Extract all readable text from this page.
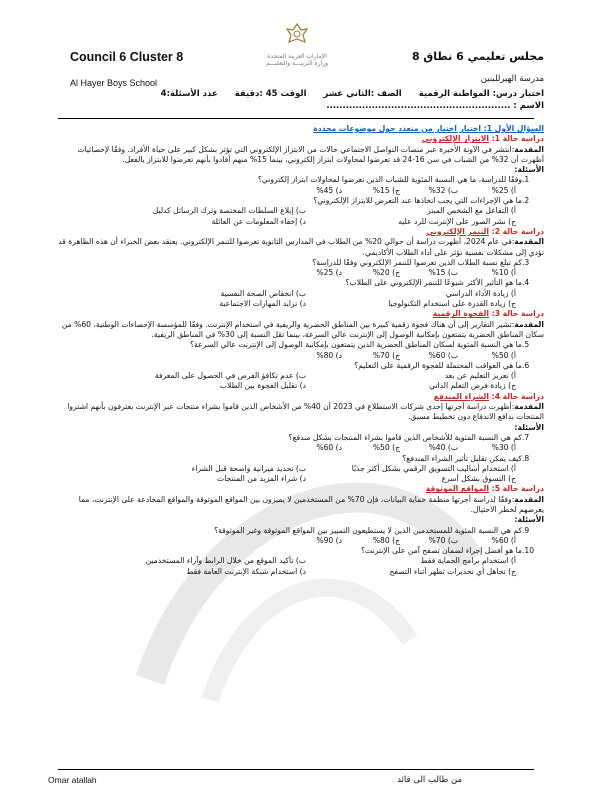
Council 6 Cluster 8
Al Hayer Boys School
الإمارات العربية المتحدة
وزارة التربيـــة والتعليـــم
مجلس تعليمي 6 نطاق 8
مدرسة الهيرللبنين
اختبار درس: المواطنة الرقمية الصف :الثاني عشر الوقت 45 :دقيقة عدد الأسئلة:4
الاسم : .........................................................
السؤال الأول 1: اختيار اختيار من متعدد حول موضوعات محددة
دراسة حالة 1: الابتزاز الإلكتروني
المقدمة:انتشر في الآونة الأخيرة عبر منصات التواصل الاجتماعي حالات من الابتزاز الإلكتروني التي تؤثر بشكل كبير على حياة الأفراد. وفقًا لإحصائيات أظهرت أن 32% من الشباب في سن 16-24 قد تعرضوا لمحاولات ابتزاز إلكتروني، بينما 15% منهم أفادوا بأنهم تعرضوا للابتزاز بالفعل.
الأسئلة:
1.
وفقًا للدراسة، ما هي النسبة المئوية للشباب الذين تعرضوا لمحاولات ابتزاز إلكتروني؟
أ) 25%
ب) 32%
ج) 15%
د) 45%
2.
ما هي الإجراءات التي يجب اتخاذها عند التعرض للابتزاز الإلكتروني؟
أ) التفاعل مع الشخص المبتز
ب) إبلاغ السلطات المختصة وترك الرسائل كدليل
ج) نشر الصور على الإنترنت للرد عليه
د) إخفاء المعلومات عن العائلة
دراسة حالة 2: التنمر الإلكتروني
المقدمة:في عام 2024، أظهرت دراسة أن حوالي 20% من الطلاب في المدارس الثانوية تعرضوا للتنمر الإلكتروني. يعتقد بعض الخبراء أن هذه الظاهرة قد تؤدي إلى مشكلات نفسية تؤثر على أداء الطلاب الأكاديمي.
3.
كم تبلغ نسبة الطلاب الذين تعرضوا للتنمر الإلكتروني وفقًا للدراسة؟
أ) 10%
ب) 15%
ج) 20%
د) 25%
4.
ما هو التأثير الأكثر شيوعًا للتنمر الإلكتروني على الطلاب؟
أ) زيادة الأداء الدراسي
ب) انخفاض الصحة النفسية
ج) زيادة القدرة على استخدام التكنولوجيا
د) تزايد المهارات الاجتماعية
دراسة حالة 3: الفجوة الرقمية
المقدمة:تشير التقارير إلى أن هناك فجوة رقمية كبيرة بين المناطق الحضرية والريفية في استخدام الإنترنت. وفقًا للمؤسسة الإحصاءات الوطنية، 60% من سكان المناطق الحضرية يتمتعون بإمكانية الوصول إلى الإنترنت عالي السرعة، بينما تقل النسبة إلى 30% في المناطق الريفية.
5.
ما هي النسبة المئوية لسكان المناطق الحضرية الذين يتمتعون بإمكانية الوصول إلى الإنترنت عالي السرعة؟
أ) 50%
ب) 60%
ج) 70%
د) 80%
6.
ما هي العواقب المحتملة للفجوة الرقمية على التعليم؟
أ) تعزيز التعليم عن بعد
ب) عدم تكافؤ الفرص في الحصول على المعرفة
ج) زيادة فرص التعلم الذاتي
د) تقليل الفجوة بين الطلاب
دراسة حالة 4: الشراء المندفع
المقدمة:أظهرت دراسة أجرتها إحدى شركات الاستطلاع في 2023 أن 40% من الأشخاص الذين قاموا بشراء منتجات عبر الإنترنت يعترفون بأنهم اشتروا المنتجات بدافع الاندفاع دون تخطيط مسبق.
الأسئلة:
7.
كم هي النسبة المئوية للأشخاص الذين قاموا بشراء المنتجات بشكل مندفع؟
أ) 30%
ب) 40%
ج) 50%
د) 60%
8.
كيف يمكن تقليل تأثير الشراء المندفع؟
أ) استخدام أساليب التسويق الرقمي بشكل أكثر جذبًا
ب) تحديد ميزانية واضحة قبل الشراء
ج) التسوق بشكل أسرع
د) شراء المزيد من المنتجات
دراسة حالة 5: المواقع الموثوقة
المقدمة:وفقًا لدراسة أجرتها منظمة حماية البيانات، فإن 70% من المستخدمين لا يميزون بين المواقع الموثوقة والمواقع المخادعة على الإنترنت، مما يعرضهم لخطر الاحتيال.
الأسئلة:
9.
كم هي النسبة المئوية للمستخدمين الذين لا يستطيعون التمييز بين المواقع الموثوقة وغير الموثوقة؟
أ) 60%
ب) 70%
ج) 80%
د) 90%
10.
ما هو أفضل إجراء لضمان تصفح آمن على الإنترنت؟
أ) استخدام برامج الحماية فقط
ب) تأكيد الموقع من خلال الرابط وآراء المستخدمين
ج) تجاهل أي تحذيرات تظهر أثناء التصفح
د) استخدام شبكة الإنترنت العامة فقط
Omar atallah	من طالب الى قائد
